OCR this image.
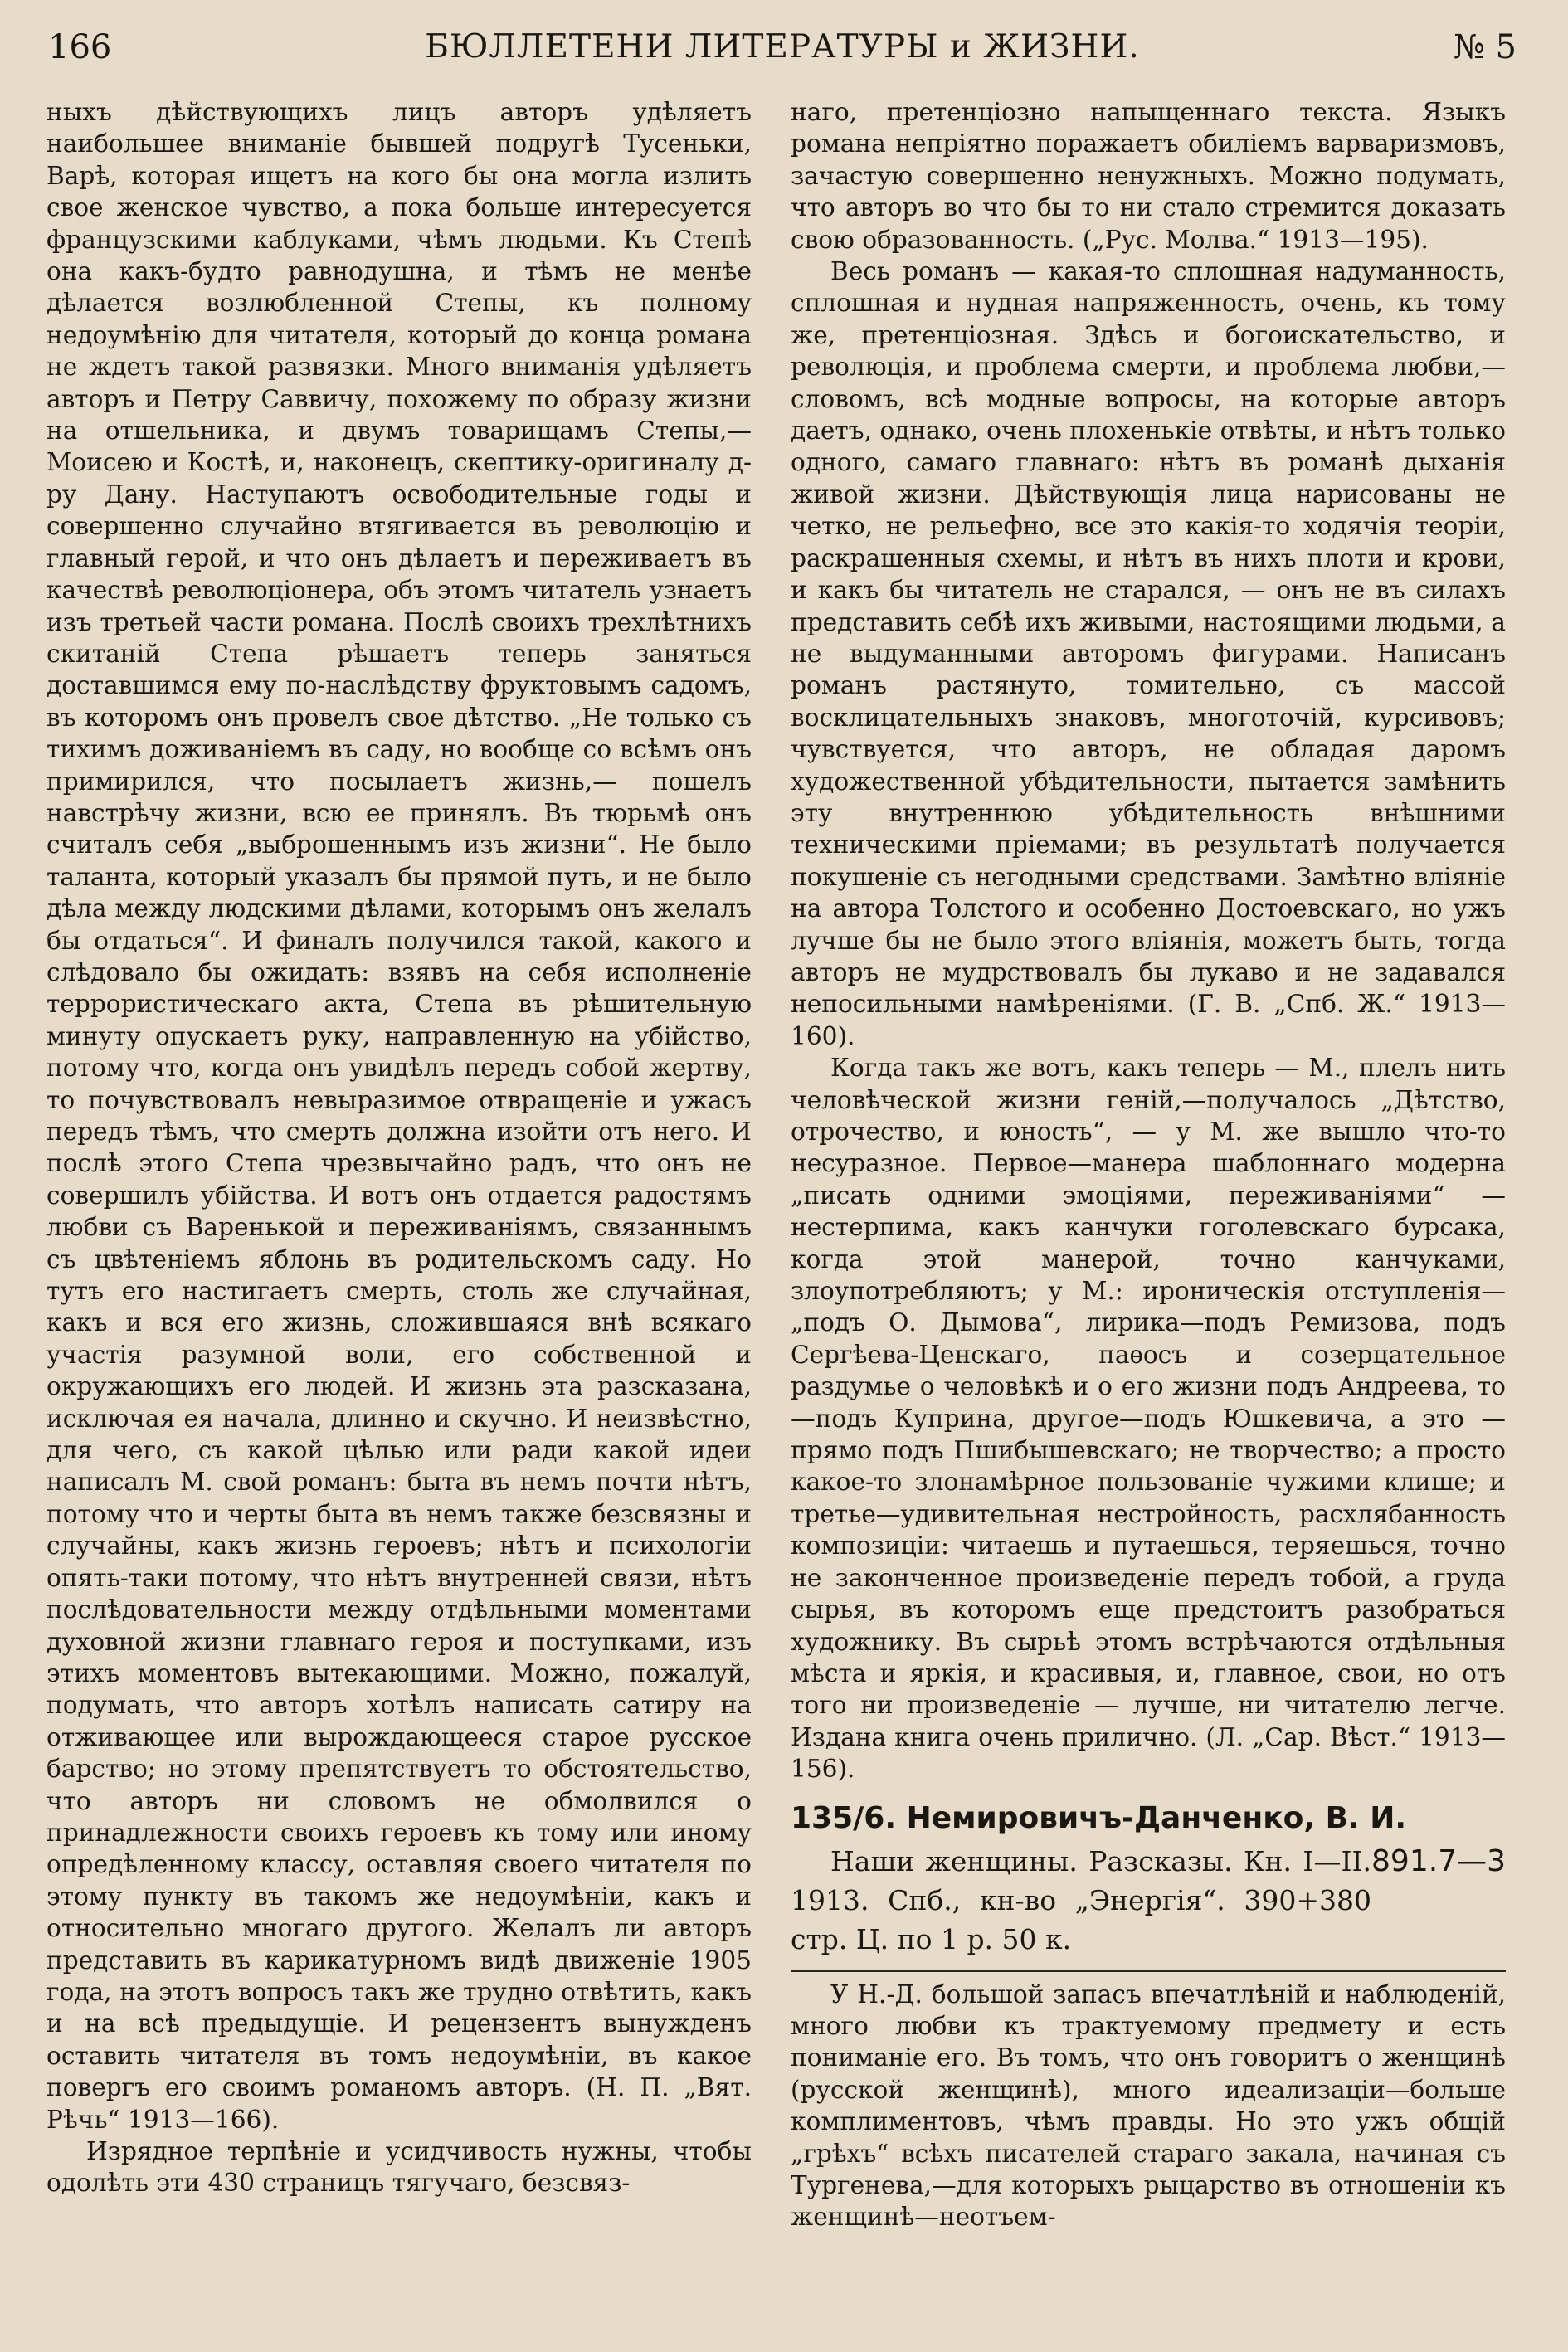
166	БЮЛЛЕТЕНИ ЛИТЕРАТУРЫ и ЖИЗНИ.	№ 5

ныхъ дѣйствующихъ лицъ авторъ удѣляетъ наибольшее вниманіе бывшей подругѣ Тусеньки, Варѣ, которая ищетъ на кого бы она могла излить свое женское чувство, а пока больше интересуется французскими каблуками, чѣмъ людьми. Къ Степѣ она какъ-будто равнодушна, и тѣмъ не менѣе дѣлается возлюбленной Степы, къ полному недоумѣнію для читателя, который до конца романа не ждетъ такой развязки. Много вниманія удѣляетъ авторъ и Петру Саввичу, похожему по образу жизни на отшельника, и двумъ товарищамъ Степы,— Моисею и Костѣ, и, наконецъ, скептику-оригиналу д-ру Дану. Наступаютъ освободительные годы и совершенно случайно втягивается въ революцію и главный герой, и что онъ дѣлаетъ и переживаетъ въ качествѣ революціонера, объ этомъ читатель узнаетъ изъ третьей части романа. Послѣ своихъ трехлѣтнихъ скитаній Степа рѣшаетъ теперь заняться доставшимся ему по-наслѣдству фруктовымъ садомъ, въ которомъ онъ провелъ свое дѣтство. „Не только съ тихимъ доживаніемъ въ саду, но вообще со всѣмъ онъ примирился, что посылаетъ жизнь,— пошелъ навстрѣчу жизни, всю ее принялъ. Въ тюрьмѣ онъ считалъ себя „выброшеннымъ изъ жизни“. Не было таланта, который указалъ бы прямой путь, и не было дѣла между людскими дѣлами, которымъ онъ желалъ бы отдаться“. И финалъ получился такой, какого и слѣдовало бы ожидать: взявъ на себя исполненіе террористическаго акта, Степа въ рѣшительную минуту опускаетъ руку, направленную на убійство, потому что, когда онъ увидѣлъ передъ собой жертву, то почувствовалъ невыразимое отвращеніе и ужасъ передъ тѣмъ, что смерть должна изойти отъ него. И послѣ этого Степа чрезвычайно радъ, что онъ не совершилъ убійства. И вотъ онъ отдается радостямъ любви съ Варенькой и переживаніямъ, связаннымъ съ цвѣтеніемъ яблонь въ родительскомъ саду. Но тутъ его настигаетъ смерть, столь же случайная, какъ и вся его жизнь, сложившаяся внѣ всякаго участія разумной воли, его собственной и окружающихъ его людей. И жизнь эта разсказана, исключая ея начала, длинно и скучно. И неизвѣстно, для чего, съ какой цѣлью или ради какой идеи написалъ М. свой романъ: быта въ немъ почти нѣтъ, потому что и черты быта въ немъ также безсвязны и случайны, какъ жизнь героевъ; нѣтъ и психологіи опять-таки потому, что нѣтъ внутренней связи, нѣтъ послѣдовательности между отдѣльными моментами духовной жизни главнаго героя и поступками, изъ этихъ моментовъ вытекающими. Можно, пожалуй, подумать, что авторъ хотѣлъ написать сатиру на отживающее или вырождающееся старое русское барство; но этому препятствуетъ то обстоятельство, что авторъ ни словомъ не обмолвился о принадлежности своихъ героевъ къ тому или иному опредѣленному классу, оставляя своего читателя по этому пункту въ такомъ же недоумѣніи, какъ и относительно многаго другого. Желалъ ли авторъ представить въ карикатурномъ видѣ движеніе 1905 года, на этотъ вопросъ такъ же трудно отвѣтить, какъ и на всѣ предыдущіе. И рецензентъ вынужденъ оставить читателя въ томъ недоумѣніи, въ какое повергъ его своимъ романомъ авторъ. (Н. П. „Вят. Рѣчь“ 1913—166).

Изрядное терпѣніе и усидчивость нужны, чтобы одолѣть эти 430 страницъ тягучаго, безсвяз-

наго, претенціозно напыщеннаго текста. Языкъ романа непріятно поражаетъ обиліемъ варваризмовъ, зачастую совершенно ненужныхъ. Можно подумать, что авторъ во что бы то ни стало стремится доказать свою образованность. („Рус. Молва.“ 1913—195).

Весь романъ — какая-то сплошная надуманность, сплошная и нудная напряженность, очень, къ тому же, претенціозная. Здѣсь и богоискательство, и революція, и проблема смерти, и проблема любви,—словомъ, всѣ модные вопросы, на которые авторъ даетъ, однако, очень плохенькіе отвѣты, и нѣтъ только одного, самаго главнаго: нѣтъ въ романѣ дыханія живой жизни. Дѣйствующія лица нарисованы не четко, не рельефно, все это какія-то ходячія теоріи, раскрашенныя схемы, и нѣтъ въ нихъ плоти и крови, и какъ бы читатель не старался, — онъ не въ силахъ представить себѣ ихъ живыми, настоящими людьми, а не выдуманными авторомъ фигурами. Написанъ романъ растянуто, томительно, съ массой восклицательныхъ знаковъ, многоточій, курсивовъ; чувствуется, что авторъ, не обладая даромъ художественной убѣдительности, пытается замѣнить эту внутреннюю убѣдительность внѣшними техническими пріемами; въ результатѣ получается покушеніе съ негодными средствами. Замѣтно вліяніе на автора Толстого и особенно Достоевскаго, но ужъ лучше бы не было этого вліянія, можетъ быть, тогда авторъ не мудрствовалъ бы лукаво и не задавался непосильными намѣреніями. (Г. В. „Спб. Ж.“ 1913—160).

Когда такъ же вотъ, какъ теперь — М., плелъ нить человѣческой жизни геній,—получалось „Дѣтство, отрочество, и юность“, — у М. же вышло что-то несуразное. Первое—манера шаблоннаго модерна „писать одними эмоціями, переживаніями“ — нестерпима, какъ канчуки гоголевскаго бурсака, когда этой манерой, точно канчуками, злоупотребляютъ; у М.: ироническія отступленія—„подъ О. Дымова“, лирика—подъ Ремизова, подъ Сергѣева-Ценскаго, паѳосъ и созерцательное раздумье о человѣкѣ и о его жизни подъ Андреева, то—подъ Куприна, другое—подъ Юшкевича, а это — прямо подъ Пшибышевскаго; не творчество; а просто какое-то злонамѣрное пользованіе чужими клише; и третье—удивительная нестройность, расхлябанность композиціи: читаешь и путаешься, теряешься, точно не законченное произведеніе передъ тобой, а груда сырья, въ которомъ еще предстоитъ разобраться художнику. Въ сырьѣ этомъ встрѣчаются отдѣльныя мѣста и яркія, и красивыя, и, главное, свои, но отъ того ни произведеніе — лучше, ни читателю легче. Издана книга очень прилично. (Л. „Сар. Вѣст.“ 1913—156).

135/6. Немировичъ-Данченко, В. И.
891.7—3

Наши женщины. Разсказы. Кн. I—II. 1913. Спб., кн-во „Энергія“. 390+380 стр. Ц. по 1 р. 50 к.

У Н.-Д. большой запасъ впечатлѣній и наблюденій, много любви къ трактуемому предмету и есть пониманіе его. Въ томъ, что онъ говоритъ о женщинѣ (русской женщинѣ), много идеализаціи—больше комплиментовъ, чѣмъ правды. Но это ужъ общій „грѣхъ“ всѣхъ писателей стараго закала, начиная съ Тургенева,—для которыхъ рыцарство въ отношеніи къ женщинѣ—неотъем-
